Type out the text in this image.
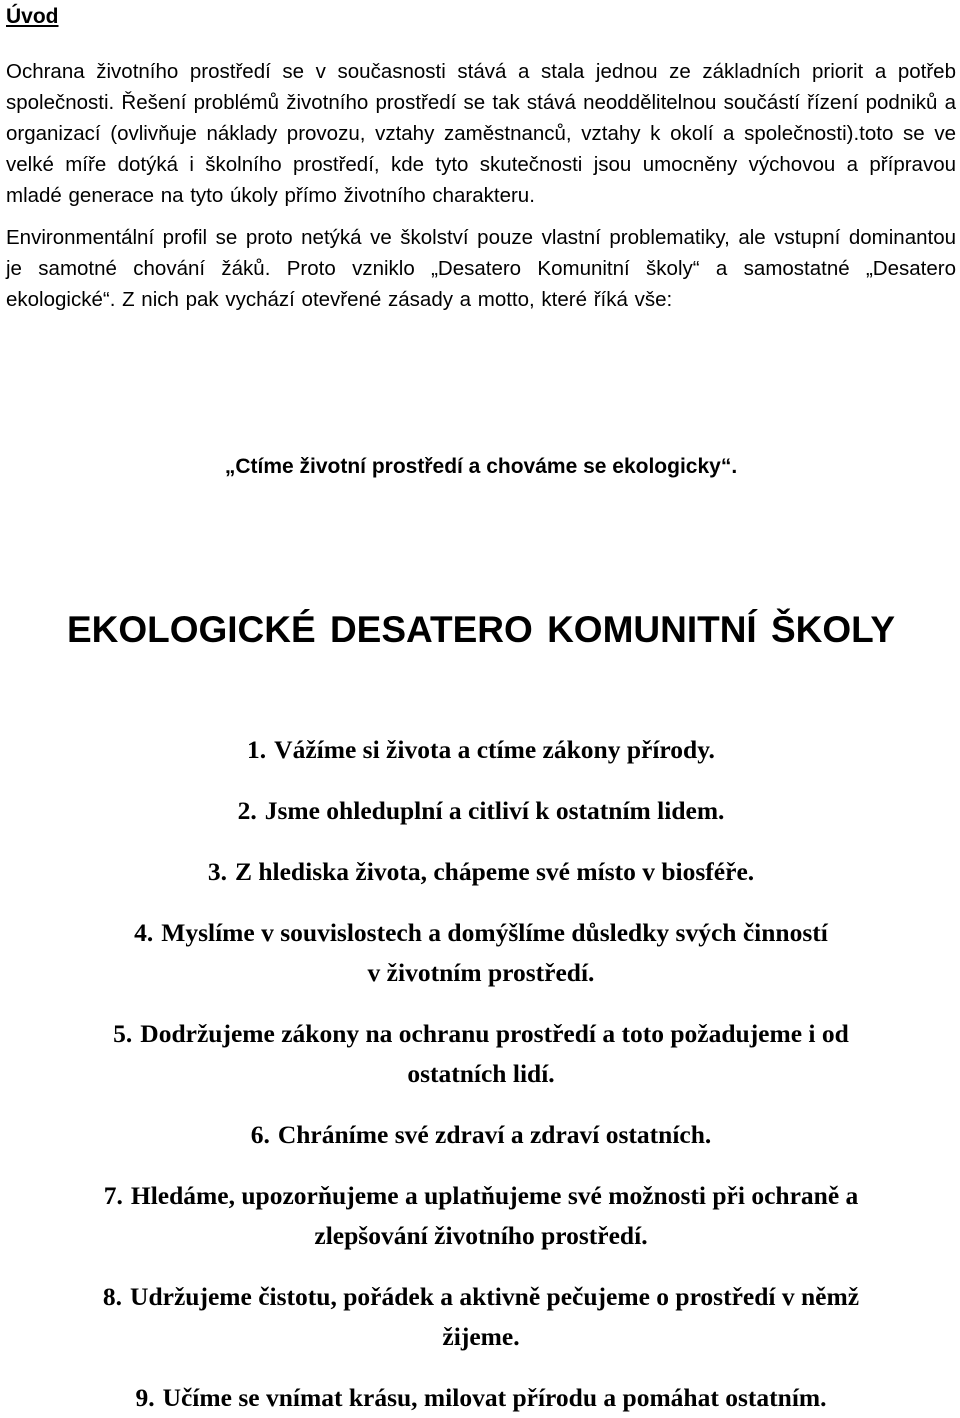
Úvod

Ochrana životního prostředí se v současnosti stává a stala jednou ze základních priorit a potřeb společnosti. Řešení problémů životního prostředí se tak stává neoddělitelnou součástí řízení podniků a organizací (ovlivňuje náklady provozu, vztahy zaměstnanců, vztahy k okolí a společnosti).toto se ve velké míře dotýká i školního prostředí, kde tyto skutečnosti jsou umocněny výchovou a přípravou mladé generace na tyto úkoly přímo životního charakteru.

Environmentální profil se proto netýká ve školství pouze vlastní problematiky, ale vstupní dominantou je samotné chování žáků. Proto vzniklo „Desatero Komunitní školy“ a samostatné „Desatero ekologické“. Z nich pak vychází otevřené zásady a motto, které říká vše:

„Ctíme životní prostředí a chováme se ekologicky“.

EKOLOGICKÉ DESATERO KOMUNITNÍ ŠKOLY
1. Vážíme si života a ctíme zákony přírody.
2. Jsme ohleduplní a citliví k ostatním lidem.
3. Z hlediska života, chápeme své místo v biosféře.
4. Myslíme v souvislostech a domýšlíme důsledky svých činností
v životním prostředí.
5. Dodržujeme zákony na ochranu prostředí a toto požadujeme i od
ostatních lidí.
6. Chráníme své zdraví a zdraví ostatních.
7. Hledáme, upozorňujeme a uplatňujeme své možnosti při ochraně a
zlepšování životního prostředí.
8. Udržujeme čistotu, pořádek a aktivně pečujeme o prostředí v němž
žijeme.
9. Učíme se vnímat krásu, milovat přírodu a pomáhat ostatním.
